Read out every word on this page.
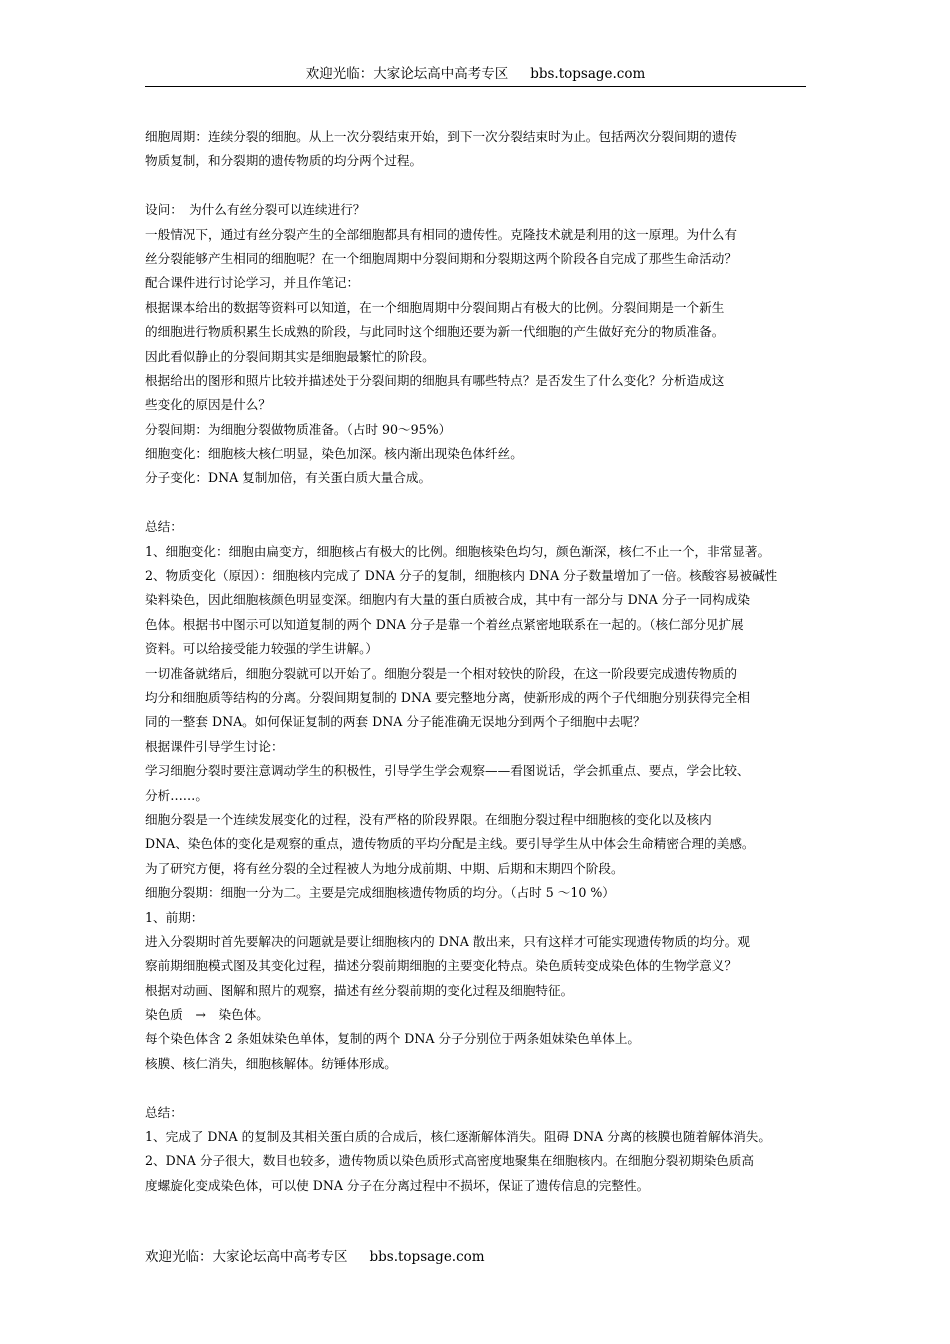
欢迎光临：大家论坛高中高考专区 bbs.topsage.com
细胞周期：连续分裂的细胞。从上一次分裂结束开始，到下一次分裂结束时为止。包括两次分裂间期的遗传
物质复制，和分裂期的遗传物质的均分两个过程。
设问：　为什么有丝分裂可以连续进行？
一般情况下，通过有丝分裂产生的全部细胞都具有相同的遗传性。克隆技术就是利用的这一原理。为什么有
丝分裂能够产生相同的细胞呢？在一个细胞周期中分裂间期和分裂期这两个阶段各自完成了那些生命活动？
配合课件进行讨论学习，并且作笔记：
根据课本给出的数据等资料可以知道，在一个细胞周期中分裂间期占有极大的比例。分裂间期是一个新生
的细胞进行物质积累生长成熟的阶段，与此同时这个细胞还要为新一代细胞的产生做好充分的物质准备。
因此看似静止的分裂间期其实是细胞最繁忙的阶段。
根据给出的图形和照片比较并描述处于分裂间期的细胞具有哪些特点？是否发生了什么变化？分析造成这
些变化的原因是什么？
分裂间期：为细胞分裂做物质准备。（占时 90～95%）
细胞变化：细胞核大核仁明显，染色加深。核内渐出现染色体纤丝。
分子变化：DNA 复制加倍，有关蛋白质大量合成。
总结：
1、细胞变化：细胞由扁变方，细胞核占有极大的比例。细胞核染色均匀，颜色渐深，核仁不止一个，非常显著。
2、物质变化（原因）：细胞核内完成了 DNA 分子的复制，细胞核内 DNA 分子数量增加了一倍。核酸容易被碱性
染料染色，因此细胞核颜色明显变深。细胞内有大量的蛋白质被合成，其中有一部分与 DNA 分子一同构成染
色体。根据书中图示可以知道复制的两个 DNA 分子是靠一个着丝点紧密地联系在一起的。（核仁部分见扩展
资料。可以给接受能力较强的学生讲解。）
一切准备就绪后，细胞分裂就可以开始了。细胞分裂是一个相对较快的阶段，在这一阶段要完成遗传物质的
均分和细胞质等结构的分离。分裂间期复制的 DNA 要完整地分离，使新形成的两个子代细胞分别获得完全相
同的一整套 DNA。如何保证复制的两套 DNA 分子能准确无误地分到两个子细胞中去呢？
根据课件引导学生讨论：
学习细胞分裂时要注意调动学生的积极性，引导学生学会观察——看图说话，学会抓重点、要点，学会比较、
分析……。
细胞分裂是一个连续发展变化的过程，没有严格的阶段界限。在细胞分裂过程中细胞核的变化以及核内
DNA、染色体的变化是观察的重点，遗传物质的平均分配是主线。要引导学生从中体会生命精密合理的美感。
为了研究方便，将有丝分裂的全过程被人为地分成前期、中期、后期和末期四个阶段。
细胞分裂期：细胞一分为二。主要是完成细胞核遗传物质的均分。（占时 5 ～10 %）
1、前期：
进入分裂期时首先要解决的问题就是要让细胞核内的 DNA 散出来，只有这样才可能实现遗传物质的均分。观
察前期细胞模式图及其变化过程，描述分裂前期细胞的主要变化特点。染色质转变成染色体的生物学意义？
根据对动画、图解和照片的观察，描述有丝分裂前期的变化过程及细胞特征。
染色质　→　染色体。
每个染色体含 2 条姐妹染色单体，复制的两个 DNA 分子分别位于两条姐妹染色单体上。
核膜、核仁消失，细胞核解体。纺锤体形成。
总结：
1、完成了 DNA 的复制及其相关蛋白质的合成后，核仁逐渐解体消失。阻碍 DNA 分离的核膜也随着解体消失。
2、DNA 分子很大，数目也较多，遗传物质以染色质形式高密度地聚集在细胞核内。在细胞分裂初期染色质高
度螺旋化变成染色体，可以使 DNA 分子在分离过程中不损坏，保证了遗传信息的完整性。
欢迎光临：大家论坛高中高考专区 bbs.topsage.com
